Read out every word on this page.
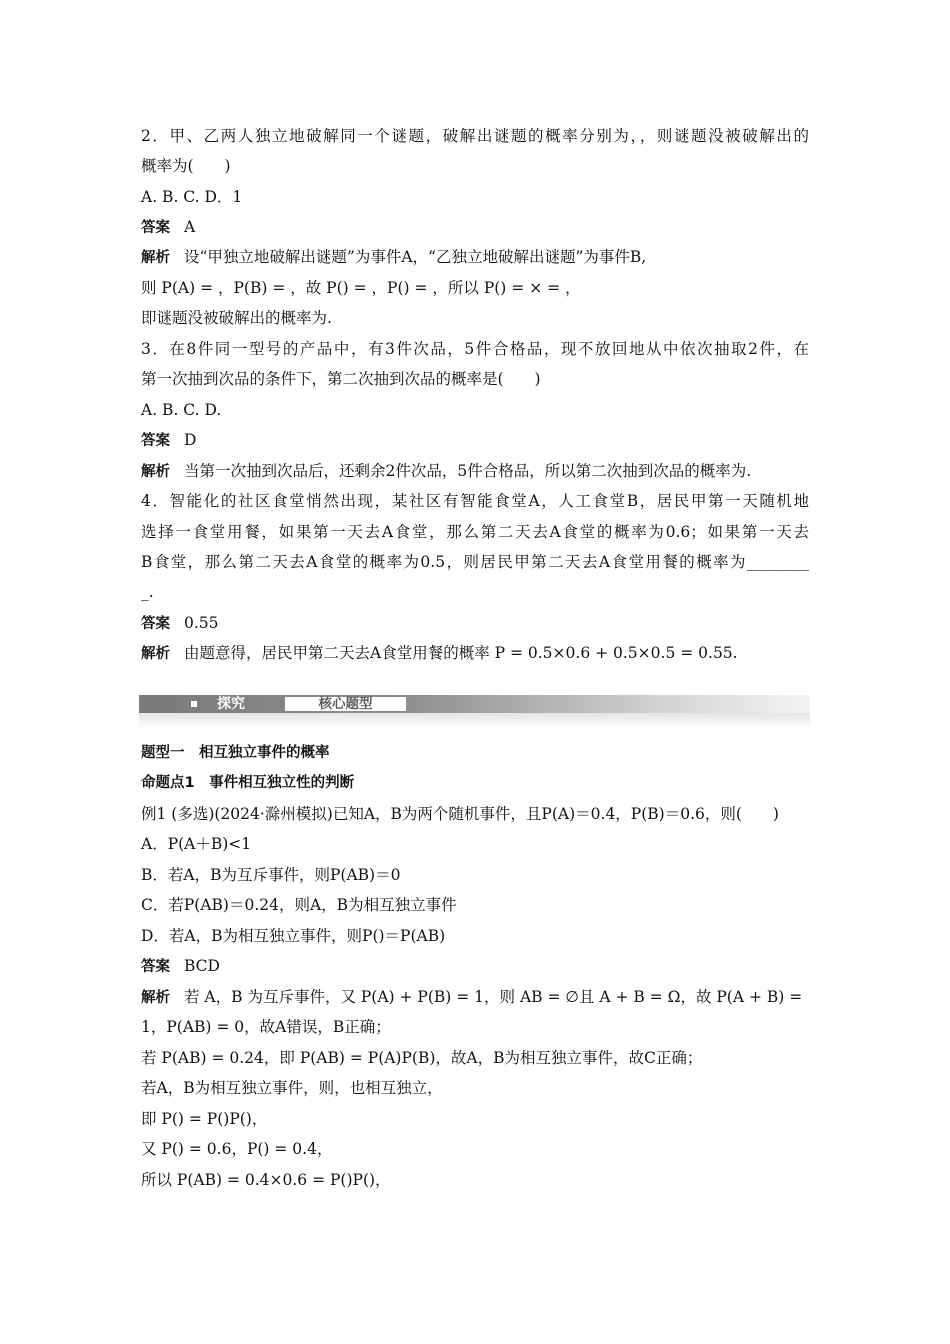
2．甲、乙两人独立地破解同一个谜题，破解出谜题的概率分别为，，则谜题没被破解出的
概率为(　　)
A. B. C. D．1
答案 A
解析 设“甲独立地破解出谜题”为事件A，“乙独立地破解出谜题”为事件B,
则 P(A) = ，P(B) = ，故 P() = ，P() = ，所以 P() = × = ，
即谜题没被破解出的概率为.
3．在8件同一型号的产品中，有3件次品，5件合格品，现不放回地从中依次抽取2件，在
第一次抽到次品的条件下，第二次抽到次品的概率是(　　)
A. B. C. D.
答案 D
解析 当第一次抽到次品后，还剩余2件次品，5件合格品，所以第二次抽到次品的概率为.
4．智能化的社区食堂悄然出现，某社区有智能食堂A，人工食堂B，居民甲第一天随机地
选择一食堂用餐，如果第一天去A食堂，那么第二天去A食堂的概率为0.6；如果第一天去
B食堂，那么第二天去A食堂的概率为0.5，则居民甲第二天去A食堂用餐的概率为________
_.
答案 0.55
解析 由题意得，居民甲第二天去A食堂用餐的概率 P = 0.5×0.6 + 0.5×0.5 = 0.55.
探究	核心题型
题型一　相互独立事件的概率
命题点1　事件相互独立性的判断
例1 (多选)(2024·滁州模拟)已知A，B为两个随机事件，且P(A)＝0.4，P(B)＝0.6，则(　　)
A．P(A＋B)<1
B．若A，B为互斥事件，则P(AB)＝0
C．若P(AB)＝0.24，则A，B为相互独立事件
D．若A，B为相互独立事件，则P()＝P(AB)
答案 BCD
解析 若 A，B 为互斥事件，又 P(A) + P(B) = 1，则 AB = ∅且 A + B = Ω，故 P(A + B) =
1，P(AB) = 0，故A错误，B正确；
若 P(AB) = 0.24，即 P(AB) = P(A)P(B)，故A，B为相互独立事件，故C正确；
若A，B为相互独立事件，则，也相互独立，
即 P() = P()P()，
又 P() = 0.6，P() = 0.4，
所以 P(AB) = 0.4×0.6 = P()P()，
